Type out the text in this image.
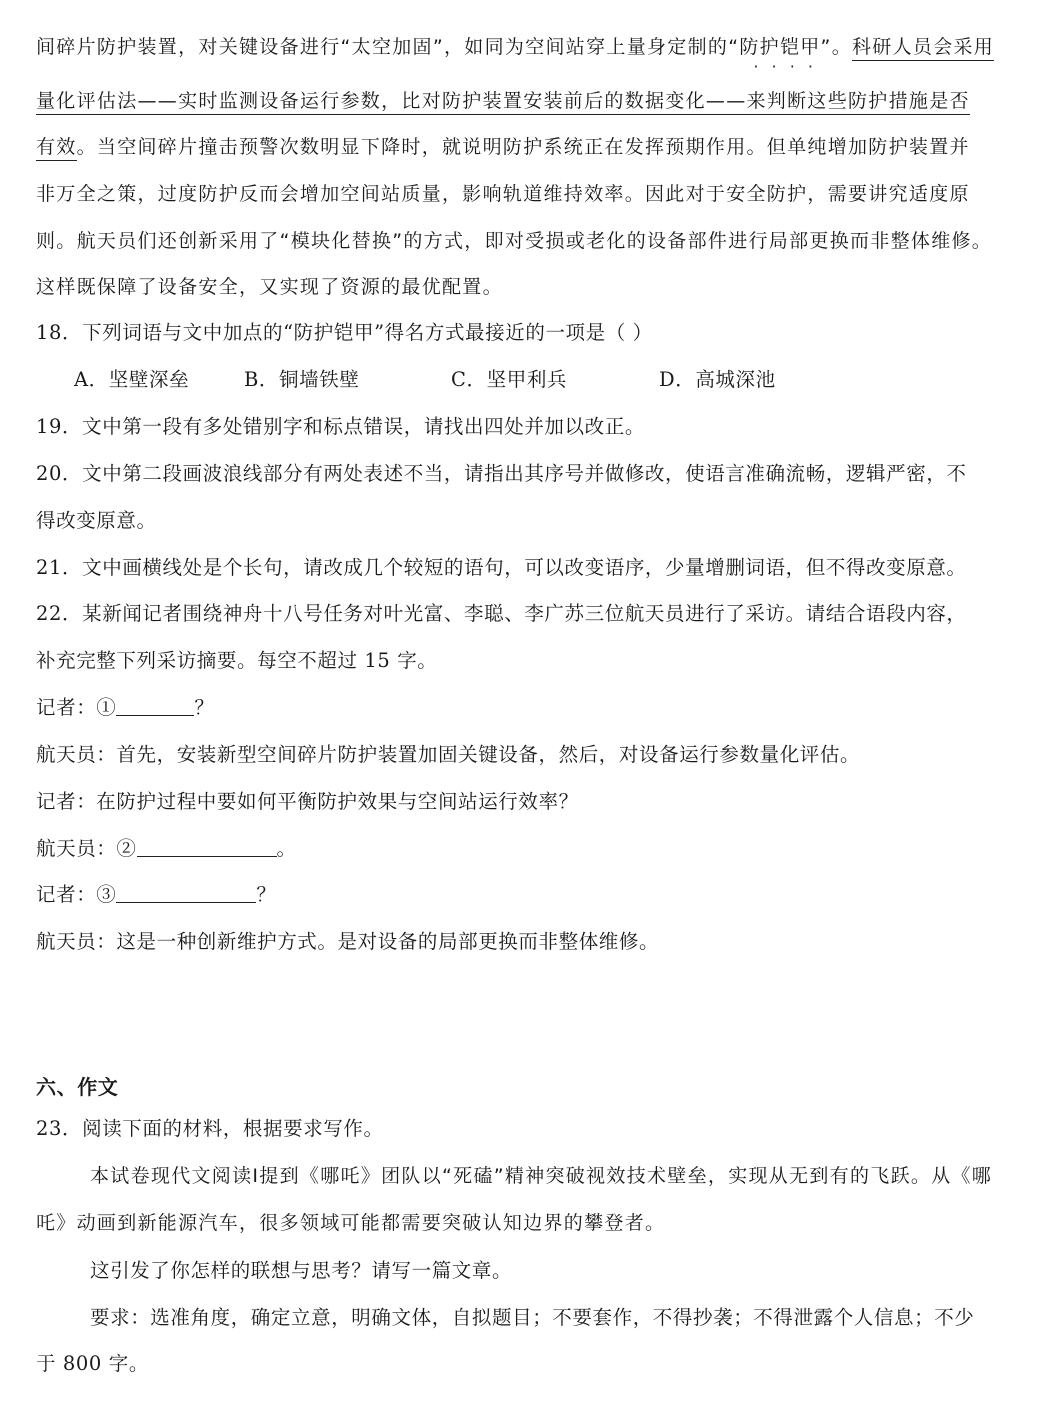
间碎片防护装置，对关键设备进行“太空加固”，如同为空间站穿上量身定制的“防护铠甲 · · · ·”。科研人员会采用
量化评估法——实时监测设备运行参数，比对防护装置安装前后的数据变化——来判断这些防护措施是否
有效。当空间碎片撞击预警次数明显下降时，就说明防护系统正在发挥预期作用。但单纯增加防护装置并
非万全之策，过度防护反而会增加空间站质量，影响轨道维持效率。因此对于安全防护，需要讲究适度原
则。航天员们还创新采用了“模块化替换”的方式，即对受损或老化的设备部件进行局部更换而非整体维修。
这样既保障了设备安全，又实现了资源的最优配置。
18．下列词语与文中加点的“防护铠甲”得名方式最接近的一项是（ ）
A．坚壁深垒	B．铜墙铁壁	C．坚甲利兵	D．高城深池
19．文中第一段有多处错别字和标点错误，请找出四处并加以改正。
20．文中第二段画波浪线部分有两处表述不当，请指出其序号并做修改，使语言准确流畅，逻辑严密，不
得改变原意。
21．文中画横线处是个长句，请改成几个较短的语句，可以改变语序，少量增删词语，但不得改变原意。
22．某新闻记者围绕神舟十八号任务对叶光富、李聪、李广苏三位航天员进行了采访。请结合语段内容，
补充完整下列采访摘要。每空不超过 15 字。
记者：①	？
航天员：首先，安装新型空间碎片防护装置加固关键设备，然后，对设备运行参数量化评估。
记者：在防护过程中要如何平衡防护效果与空间站运行效率？
航天员：②	。
记者：③	？
航天员：这是一种创新维护方式。是对设备的局部更换而非整体维修。
六、作文
23．阅读下面的材料，根据要求写作。
本试卷现代文阅读Ⅰ提到《哪吒》团队以“死磕”精神突破视效技术壁垒，实现从无到有的飞跃。从《哪
吒》动画到新能源汽车，很多领域可能都需要突破认知边界的攀登者。
这引发了你怎样的联想与思考？请写一篇文章。
要求：选准角度，确定立意，明确文体，自拟题目；不要套作，不得抄袭；不得泄露个人信息；不少
于 800 字。
